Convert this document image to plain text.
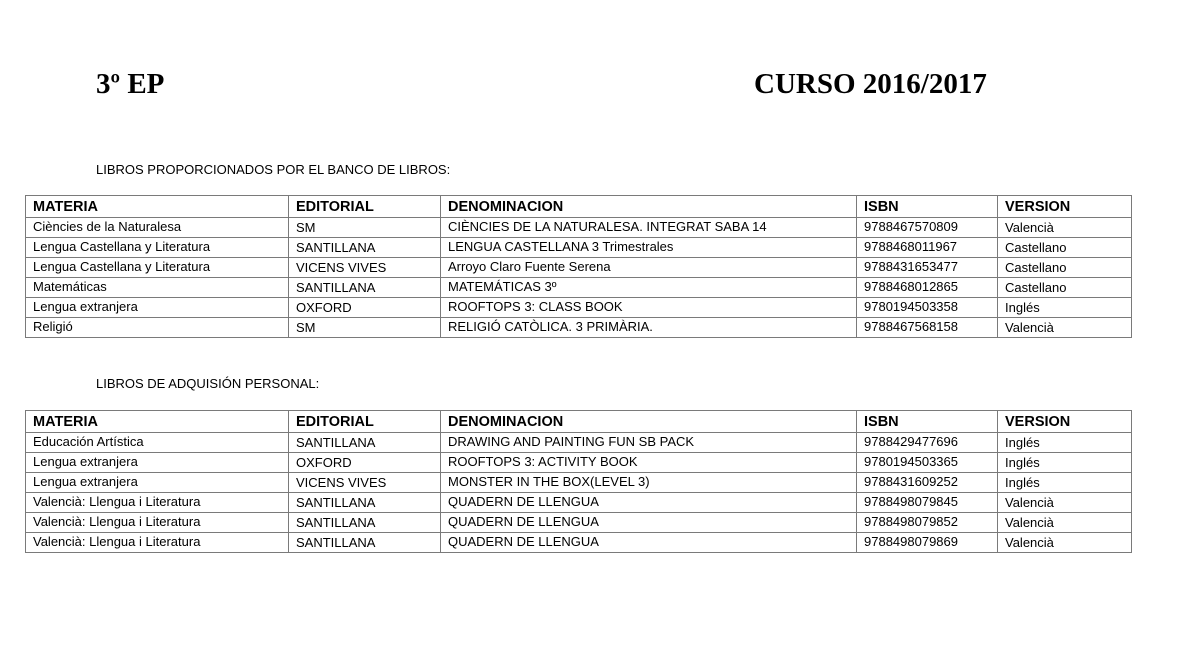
3º EP	CURSO 2016/2017

LIBROS PROPORCIONADOS POR EL BANCO DE LIBROS:

MATERIA	EDITORIAL	DENOMINACION	ISBN	VERSION
Ciències de la Naturalesa	SM	CIÈNCIES DE LA NATURALESA. INTEGRAT SABA 14	9788467570809	Valencià
Lengua Castellana y Literatura	SANTILLANA	LENGUA CASTELLANA 3 Trimestrales	9788468011967	Castellano
Lengua Castellana y Literatura	VICENS VIVES	Arroyo Claro Fuente Serena	9788431653477	Castellano
Matemáticas	SANTILLANA	MATEMÁTICAS 3º	9788468012865	Castellano
Lengua extranjera	OXFORD	ROOFTOPS 3: CLASS BOOK	9780194503358	Inglés
Religió	SM	RELIGIÓ CATÒLICA. 3 PRIMÀRIA.	9788467568158	Valencià

LIBROS DE ADQUISIÓN PERSONAL:

MATERIA	EDITORIAL	DENOMINACION	ISBN	VERSION
Educación Artística	SANTILLANA	DRAWING AND PAINTING FUN SB PACK	9788429477696	Inglés
Lengua extranjera	OXFORD	ROOFTOPS 3: ACTIVITY BOOK	9780194503365	Inglés
Lengua extranjera	VICENS VIVES	MONSTER IN THE BOX(LEVEL 3)	9788431609252	Inglés
Valencià: Llengua i Literatura	SANTILLANA	QUADERN DE LLENGUA	9788498079845	Valencià
Valencià: Llengua i Literatura	SANTILLANA	QUADERN DE LLENGUA	9788498079852	Valencià
Valencià: Llengua i Literatura	SANTILLANA	QUADERN DE LLENGUA	9788498079869	Valencià
